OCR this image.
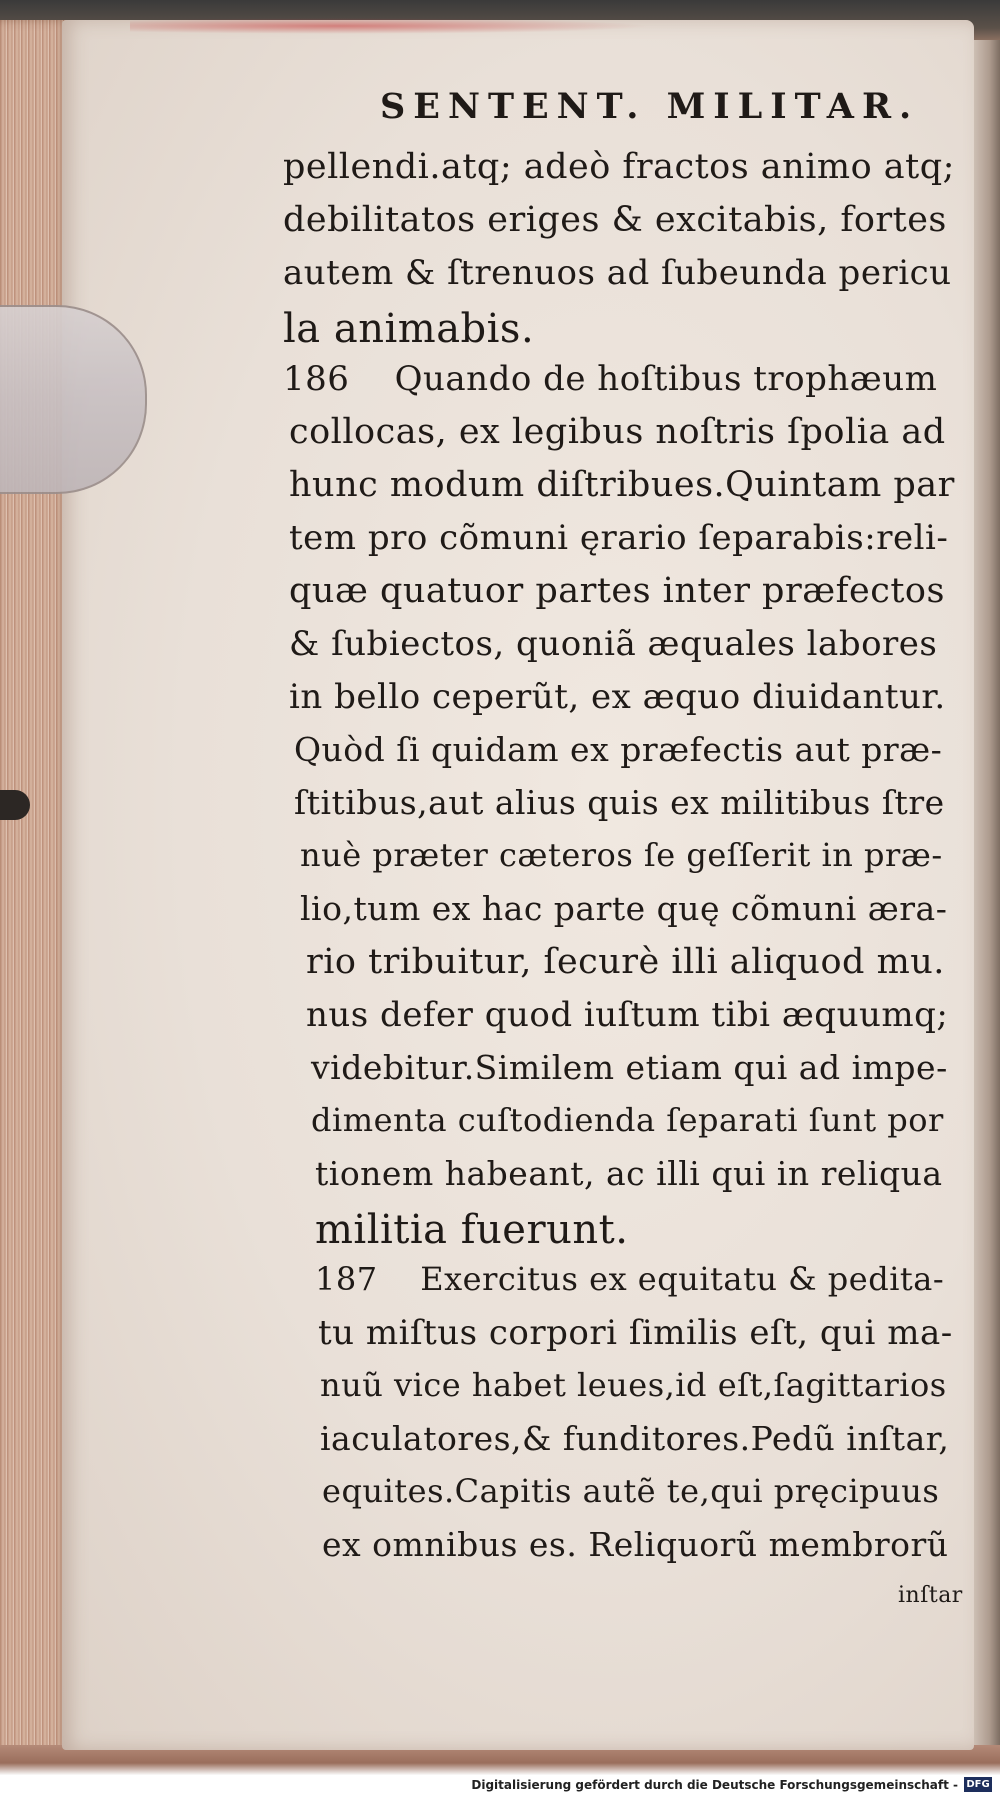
SENTENT. MILITAR.
pellendi.atq; adeò fractos animo atq;
debilitatos eriges & excitabis, fortes
autem & ſtrenuos ad ſubeunda pericu
la animabis.
186    Quando de hoſtibus trophæum
collocas, ex legibus noſtris ſpolia ad
hunc modum diſtribues.Quintam par
tem pro cõmuni ęrario ſeparabis:reli-
quæ quatuor partes inter præfectos
& ſubiectos, quoniã æquales labores
in bello ceperũt, ex æquo diuidantur.
Quòd ſi quidam ex præfectis aut præ-
ſtitibus,aut alius quis ex militibus ſtre
nuè præter cæteros ſe geſſerit in præ-
lio,tum ex hac parte quę cõmuni æra-
rio tribuitur, ſecurè illi aliquod mu.
nus defer quod iuſtum tibi æquumq;
videbitur.Similem etiam qui ad impe-
dimenta cuſtodienda ſeparati ſunt por
tionem habeant, ac illi qui in reliqua
militia fuerunt.
187    Exercitus ex equitatu & pedita-
tu miſtus corpori ſimilis eſt, qui ma-
nuũ vice habet leues,id eſt,ſagittarios
iaculatores,& funditores.Pedũ inſtar,
equites.Capitis autẽ te,qui pręcipuus
ex omnibus es. Reliquorũ membrorũ
inſtar
Digitalisierung gefördert durch die Deutsche Forschungsgemeinschaft - DFG
